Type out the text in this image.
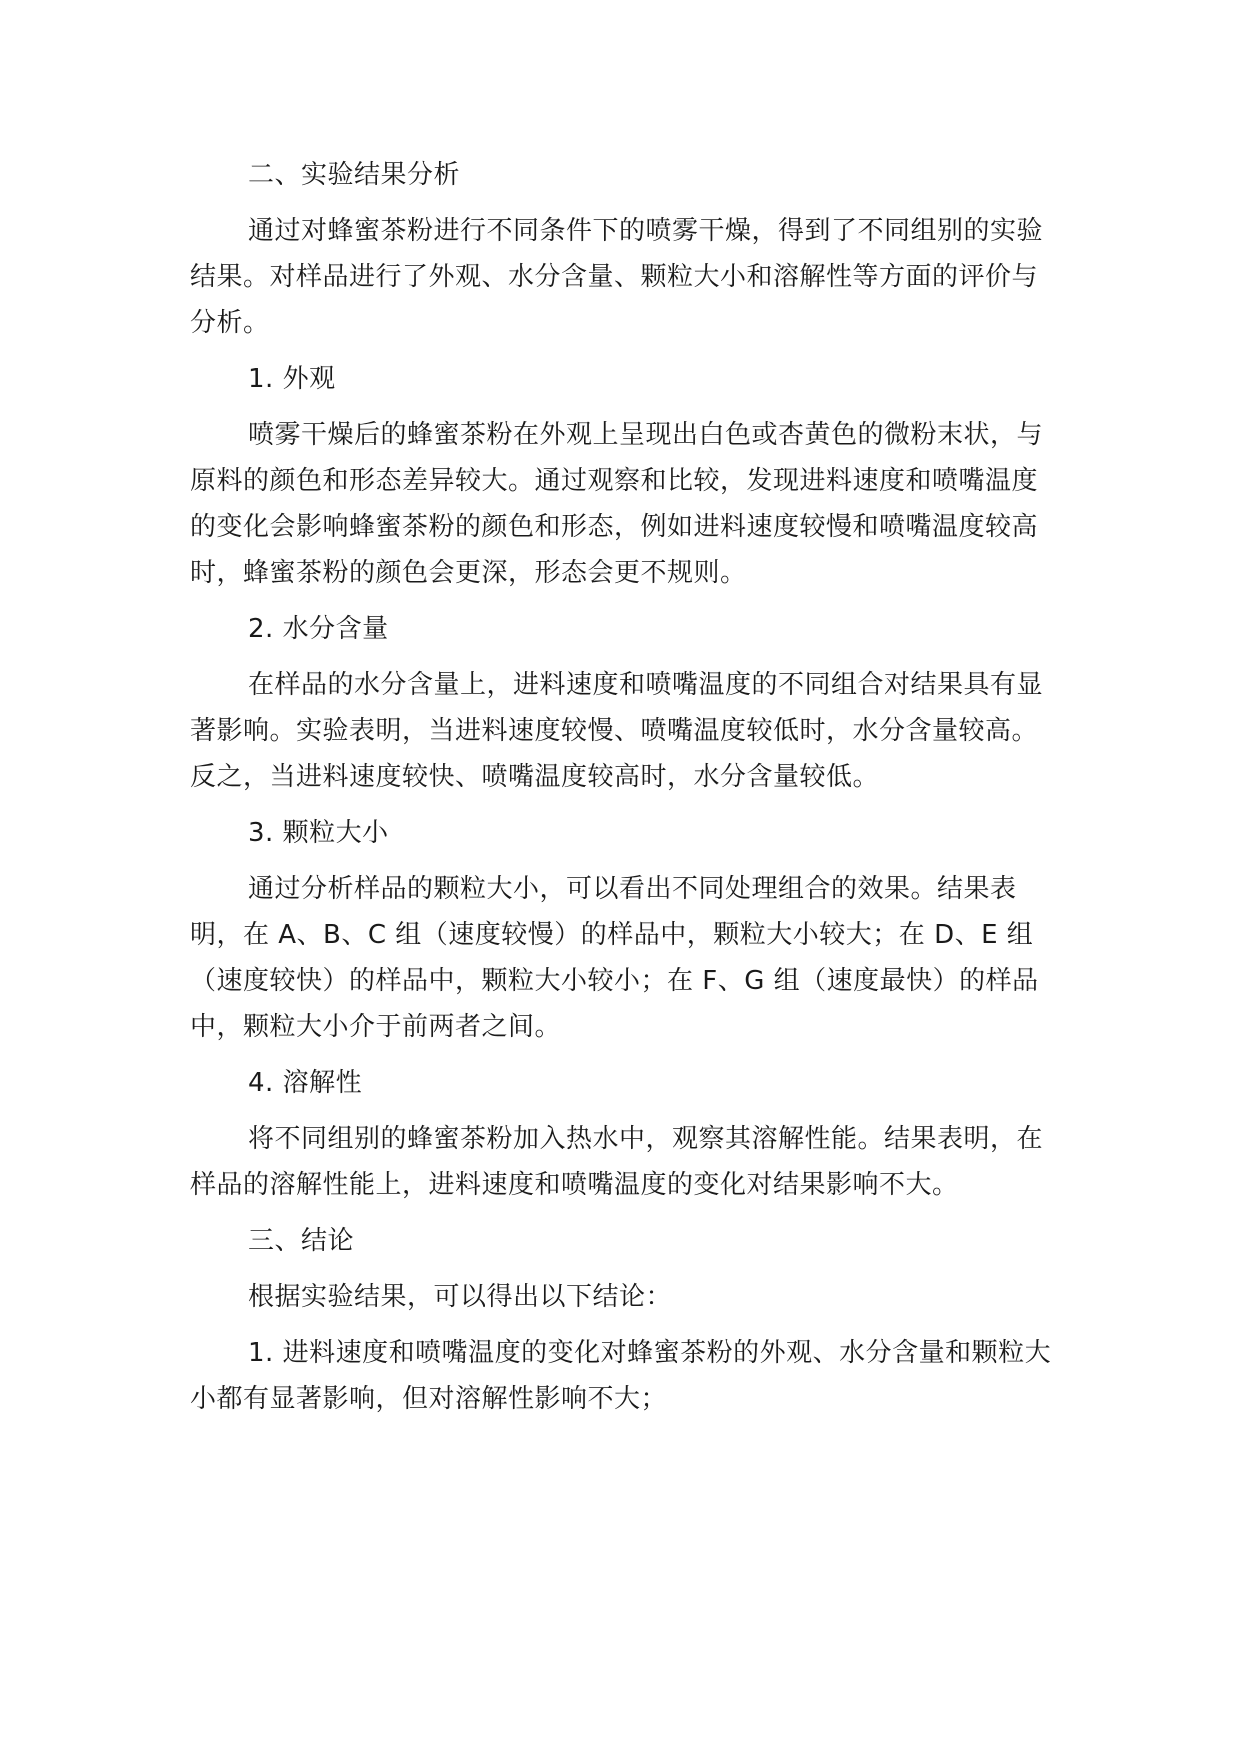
二、实验结果分析

通过对蜂蜜茶粉进行不同条件下的喷雾干燥，得到了不同组别的实验结果。对样品进行了外观、水分含量、颗粒大小和溶解性等方面的评价与分析。

1. 外观

喷雾干燥后的蜂蜜茶粉在外观上呈现出白色或杏黄色的微粉末状，与原料的颜色和形态差异较大。通过观察和比较，发现进料速度和喷嘴温度的变化会影响蜂蜜茶粉的颜色和形态，例如进料速度较慢和喷嘴温度较高时，蜂蜜茶粉的颜色会更深，形态会更不规则。

2. 水分含量

在样品的水分含量上，进料速度和喷嘴温度的不同组合对结果具有显著影响。实验表明，当进料速度较慢、喷嘴温度较低时，水分含量较高。反之，当进料速度较快、喷嘴温度较高时，水分含量较低。

3. 颗粒大小

通过分析样品的颗粒大小，可以看出不同处理组合的效果。结果表明，在 A、B、C 组（速度较慢）的样品中，颗粒大小较大；在 D、E 组（速度较快）的样品中，颗粒大小较小；在 F、G 组（速度最快）的样品中，颗粒大小介于前两者之间。

4. 溶解性

将不同组别的蜂蜜茶粉加入热水中，观察其溶解性能。结果表明，在样品的溶解性能上，进料速度和喷嘴温度的变化对结果影响不大。

三、结论

根据实验结果，可以得出以下结论：

1. 进料速度和喷嘴温度的变化对蜂蜜茶粉的外观、水分含量和颗粒大小都有显著影响，但对溶解性影响不大；
